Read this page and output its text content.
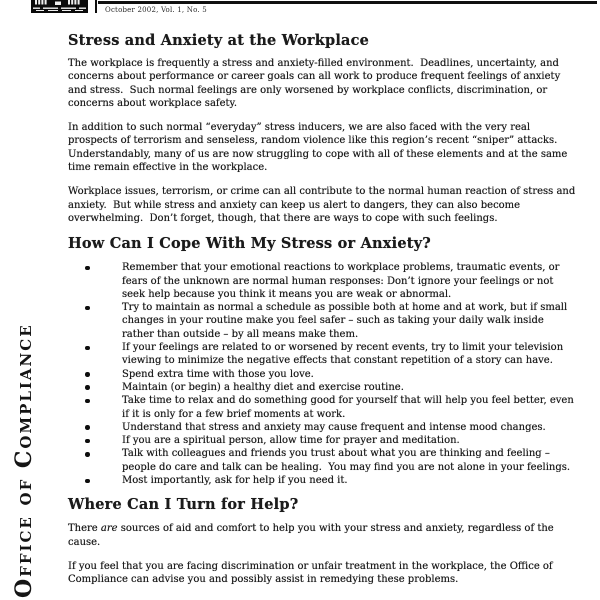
October 2002, Vol. 1, No. 5
Office of Compliance
Stress and Anxiety at the Workplace

The workplace is frequently a stress and anxiety-filled environment.  Deadlines, uncertainty, and concerns about performance or career goals can all work to produce frequent feelings of anxiety and stress.  Such normal feelings are only worsened by workplace conflicts, discrimination, or concerns about workplace safety.

In addition to such normal “everyday” stress inducers, we are also faced with the very real prospects of terrorism and senseless, random violence like this region’s recent “sniper” attacks.  Understandably, many of us are now struggling to cope with all of these elements and at the same time remain effective in the workplace.

Workplace issues, terrorism, or crime can all contribute to the normal human reaction of stress and anxiety.  But while stress and anxiety can keep us alert to dangers, they can also become overwhelming.  Don’t forget, though, that there are ways to cope with such feelings.

How Can I Cope With My Stress or Anxiety?
Remember that your emotional reactions to workplace problems, traumatic events, or fears of the unknown are normal human responses: Don’t ignore your feelings or not seek help because you think it means you are weak or abnormal.
Try to maintain as normal a schedule as possible both at home and at work, but if small changes in your routine make you feel safer – such as taking your daily walk inside rather than outside – by all means make them.
If your feelings are related to or worsened by recent events, try to limit your television viewing to minimize the negative effects that constant repetition of a story can have.
Spend extra time with those you love.
Maintain (or begin) a healthy diet and exercise routine.
Take time to relax and do something good for yourself that will help you feel better, even if it is only for a few brief moments at work.
Understand that stress and anxiety may cause frequent and intense mood changes.
If you are a spiritual person, allow time for prayer and meditation.
Talk with colleagues and friends you trust about what you are thinking and feeling – people do care and talk can be healing.  You may find you are not alone in your feelings.
Most importantly, ask for help if you need it.
Where Can I Turn for Help?

There are sources of aid and comfort to help you with your stress and anxiety, regardless of the cause.

If you feel that you are facing discrimination or unfair treatment in the workplace, the Office of Compliance can advise you and possibly assist in remedying these problems.
